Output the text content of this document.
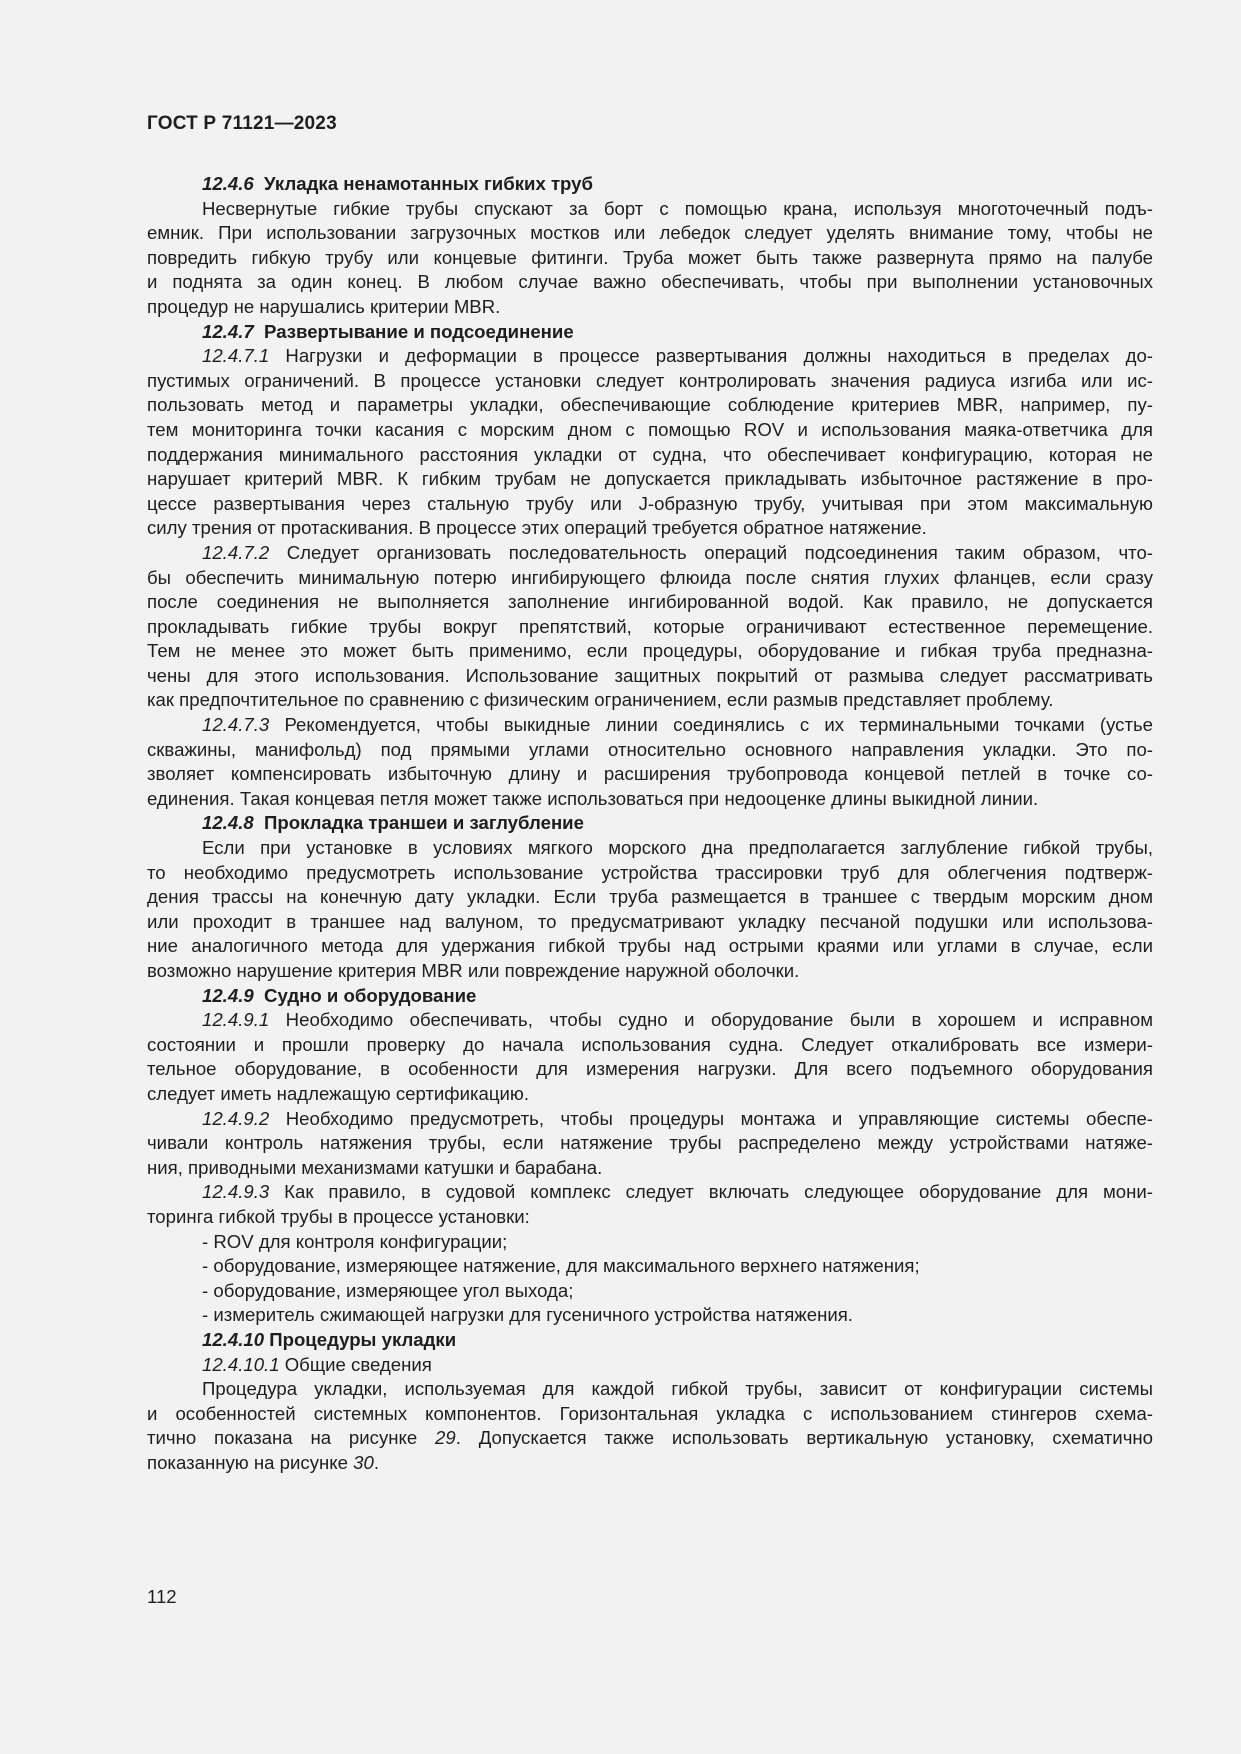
ГОСТ Р 71121—2023
12.4.6 Укладка ненамотанных гибких труб
Несвернутые гибкие трубы спускают за борт с помощью крана, используя многоточечный подъ-
емник. При использовании загрузочных мостков или лебедок следует уделять внимание тому, чтобы не
повредить гибкую трубу или концевые фитинги. Труба может быть также развернута прямо на палубе
и поднята за один конец. В любом случае важно обеспечивать, чтобы при выполнении установочных
процедур не нарушались критерии MBR.
12.4.7 Развертывание и подсоединение
12.4.7.1 Нагрузки и деформации в процессе развертывания должны находиться в пределах до-
пустимых ограничений. В процессе установки следует контролировать значения радиуса изгиба или ис-
пользовать метод и параметры укладки, обеспечивающие соблюдение критериев MBR, например, пу-
тем мониторинга точки касания с морским дном с помощью ROV и использования маяка-ответчика для
поддержания минимального расстояния укладки от судна, что обеспечивает конфигурацию, которая не
нарушает критерий MBR. К гибким трубам не допускается прикладывать избыточное растяжение в про-
цессе развертывания через стальную трубу или J-образную трубу, учитывая при этом максимальную
силу трения от протаскивания. В процессе этих операций требуется обратное натяжение.
12.4.7.2 Следует организовать последовательность операций подсоединения таким образом, что-
бы обеспечить минимальную потерю ингибирующего флюида после снятия глухих фланцев, если сразу
после соединения не выполняется заполнение ингибированной водой. Как правило, не допускается
прокладывать гибкие трубы вокруг препятствий, которые ограничивают естественное перемещение.
Тем не менее это может быть применимо, если процедуры, оборудование и гибкая труба предназна-
чены для этого использования. Использование защитных покрытий от размыва следует рассматривать
как предпочтительное по сравнению с физическим ограничением, если размыв представляет проблему.
12.4.7.3 Рекомендуется, чтобы выкидные линии соединялись с их терминальными точками (устье
скважины, манифольд) под прямыми углами относительно основного направления укладки. Это по-
зволяет компенсировать избыточную длину и расширения трубопровода концевой петлей в точке со-
единения. Такая концевая петля может также использоваться при недооценке длины выкидной линии.
12.4.8 Прокладка траншеи и заглубление
Если при установке в условиях мягкого морского дна предполагается заглубление гибкой трубы,
то необходимо предусмотреть использование устройства трассировки труб для облегчения подтверж-
дения трассы на конечную дату укладки. Если труба размещается в траншее с твердым морским дном
или проходит в траншее над валуном, то предусматривают укладку песчаной подушки или использова-
ние аналогичного метода для удержания гибкой трубы над острыми краями или углами в случае, если
возможно нарушение критерия MBR или повреждение наружной оболочки.
12.4.9 Судно и оборудование
12.4.9.1 Необходимо обеспечивать, чтобы судно и оборудование были в хорошем и исправном
состоянии и прошли проверку до начала использования судна. Следует откалибровать все измери-
тельное оборудование, в особенности для измерения нагрузки. Для всего подъемного оборудования
следует иметь надлежащую сертификацию.
12.4.9.2 Необходимо предусмотреть, чтобы процедуры монтажа и управляющие системы обеспе-
чивали контроль натяжения трубы, если натяжение трубы распределено между устройствами натяже-
ния, приводными механизмами катушки и барабана.
12.4.9.3 Как правило, в судовой комплекс следует включать следующее оборудование для мони-
торинга гибкой трубы в процессе установки:
- ROV для контроля конфигурации;
- оборудование, измеряющее натяжение, для максимального верхнего натяжения;
- оборудование, измеряющее угол выхода;
- измеритель сжимающей нагрузки для гусеничного устройства натяжения.
12.4.10 Процедуры укладки
12.4.10.1 Общие сведения
Процедура укладки, используемая для каждой гибкой трубы, зависит от конфигурации системы
и особенностей системных компонентов. Горизонтальная укладка с использованием стингеров схема-
тично показана на рисунке 29. Допускается также использовать вертикальную установку, схематично
показанную на рисунке 30.
112
